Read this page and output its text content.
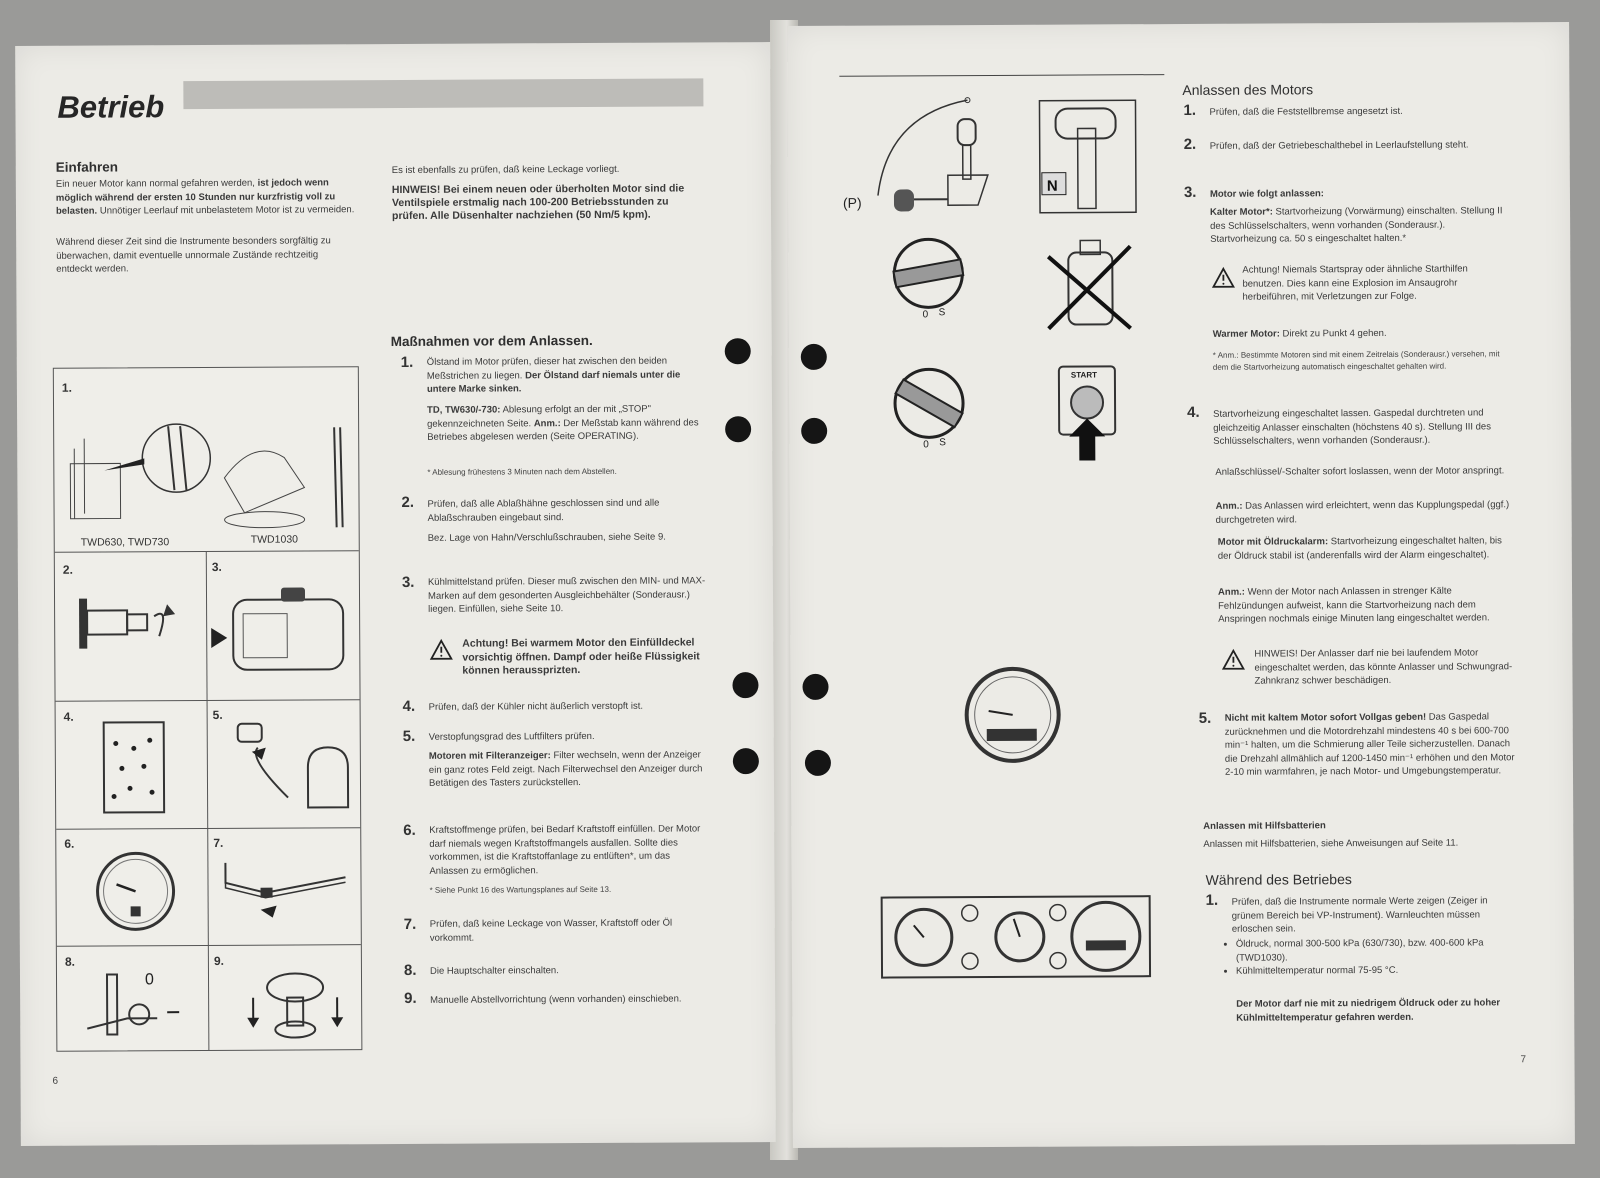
Betrieb
Einfahren
Ein neuer Motor kann normal gefahren werden, ist jedoch wenn möglich während der ersten 10 Stunden nur kurzfristig voll zu belasten. Unnötiger Leerlauf mit unbelastetem Motor ist zu vermeiden.
Während dieser Zeit sind die Instrumente besonders sorgfältig zu überwachen, damit eventuelle unnormale Zustände rechtzeitig entdeckt werden.
Es ist ebenfalls zu prüfen, daß keine Leckage vorliegt.
HINWEIS! Bei einem neuen oder überholten Motor sind die Ventilspiele erstmalig nach 100-200 Betriebsstunden zu prüfen. Alle Düsenhalter nachziehen (50 Nm/5 kpm).
Maßnahmen vor dem Anlassen.
1. Ölstand im Motor prüfen, dieser hat zwischen den beiden Meßstrichen zu liegen. Der Ölstand darf niemals unter die untere Marke sinken.
TD, TW630/-730: Ablesung erfolgt an der mit „STOP" gekennzeichneten Seite. Anm.: Der Meßstab kann während des Betriebes abgelesen werden (Seite OPERATING).
* Ablesung frühestens 3 Minuten nach dem Abstellen.
2. Prüfen, daß alle Ablaßhähne geschlossen sind und alle Ablaßschrauben eingebaut sind.
Bez. Lage von Hahn/Verschlußschrauben, siehe Seite 9.
3. Kühlmittelstand prüfen. Dieser muß zwischen den MIN- und MAX-Marken auf dem gesonderten Ausgleichbehälter (Sonderausr.) liegen. Einfüllen, siehe Seite 10.
Achtung! Bei warmem Motor den Einfülldeckel vorsichtig öffnen. Dampf oder heiße Flüssigkeit können heraussprizten.
4. Prüfen, daß der Kühler nicht äußerlich verstopft ist.
5. Verstopfungsgrad des Luftfilters prüfen.
Motoren mit Filteranzeiger: Filter wechseln, wenn der Anzeiger ein ganz rotes Feld zeigt. Nach Filterwechsel den Anzeiger durch Betätigen des Tasters zurückstellen.
6. Kraftstoffmenge prüfen, bei Bedarf Kraftstoff einfüllen. Der Motor darf niemals wegen Kraftstoffmangels ausfallen. Sollte dies vorkommen, ist die Kraftstoffanlage zu entlüften*, um das Anlassen zu ermöglichen.
* Siehe Punkt 16 des Wartungsplanes auf Seite 13.
7. Prüfen, daß keine Leckage von Wasser, Kraftstoff oder Öl vorkommt.
8. Die Hauptschalter einschalten.
9. Manuelle Abstellvorrichtung (wenn vorhanden) einschieben.
1.
2.	3.
4.	5.
6.	7.
8.	9.
TWD630, TWD730	TWD1030
0
6
(P)
N
0 S
0 S
START
Anlassen des Motors
1. Prüfen, daß die Feststellbremse angesetzt ist.
2. Prüfen, daß der Getriebeschalthebel in Leerlaufstellung steht.
3. Motor wie folgt anlassen:
Kalter Motor*: Startvorheizung (Vorwärmung) einschalten. Stellung II des Schlüsselschalters, wenn vorhanden (Sonderausr.). Startvorheizung ca. 50 s eingeschaltet halten.*
Achtung! Niemals Startspray oder ähnliche Starthilfen benutzen. Dies kann eine Explosion im Ansaugrohr herbeiführen, mit Verletzungen zur Folge.
Warmer Motor: Direkt zu Punkt 4 gehen.
* Anm.: Bestimmte Motoren sind mit einem Zeitrelais (Sonderausr.) versehen, mit dem die Startvorheizung automatisch eingeschaltet gehalten wird.
4. Startvorheizung eingeschaltet lassen. Gaspedal durchtreten und gleichzeitig Anlasser einschalten (höchstens 40 s). Stellung III des Schlüsselschalters, wenn vorhanden (Sonderausr.).
Anlaßschlüssel/-Schalter sofort loslassen, wenn der Motor anspringt.
Anm.: Das Anlassen wird erleichtert, wenn das Kupplungspedal (ggf.) durchgetreten wird.
Motor mit Öldruckalarm: Startvorheizung eingeschaltet halten, bis der Öldruck stabil ist (anderenfalls wird der Alarm eingeschaltet).
Anm.: Wenn der Motor nach Anlassen in strenger Kälte Fehlzündungen aufweist, kann die Startvorheizung nach dem Anspringen nochmals einige Minuten lang eingeschaltet werden.
HINWEIS! Der Anlasser darf nie bei laufendem Motor eingeschaltet werden, das könnte Anlasser und Schwungrad-Zahnkranz schwer beschädigen.
5. Nicht mit kaltem Motor sofort Vollgas geben! Das Gaspedal zurücknehmen und die Motordrehzahl mindestens 40 s bei 600-700 min⁻¹ halten, um die Schmierung aller Teile sicherzustellen. Danach die Drehzahl allmählich auf 1200-1450 min⁻¹ erhöhen und den Motor 2-10 min warmfahren, je nach Motor- und Umgebungstemperatur.
Anlassen mit Hilfsbatterien
Anlassen mit Hilfsbatterien, siehe Anweisungen auf Seite 11.
Während des Betriebes
1. Prüfen, daß die Instrumente normale Werte zeigen (Zeiger in grünem Bereich bei VP-Instrument). Warnleuchten müssen erloschen sein.
• Öldruck, normal 300-500 kPa (630/730), bzw. 400-600 kPa (TWD1030).
• Kühlmitteltemperatur normal 75-95 °C.
Der Motor darf nie mit zu niedrigem Öldruck oder zu hoher Kühlmitteltemperatur gefahren werden.
7
